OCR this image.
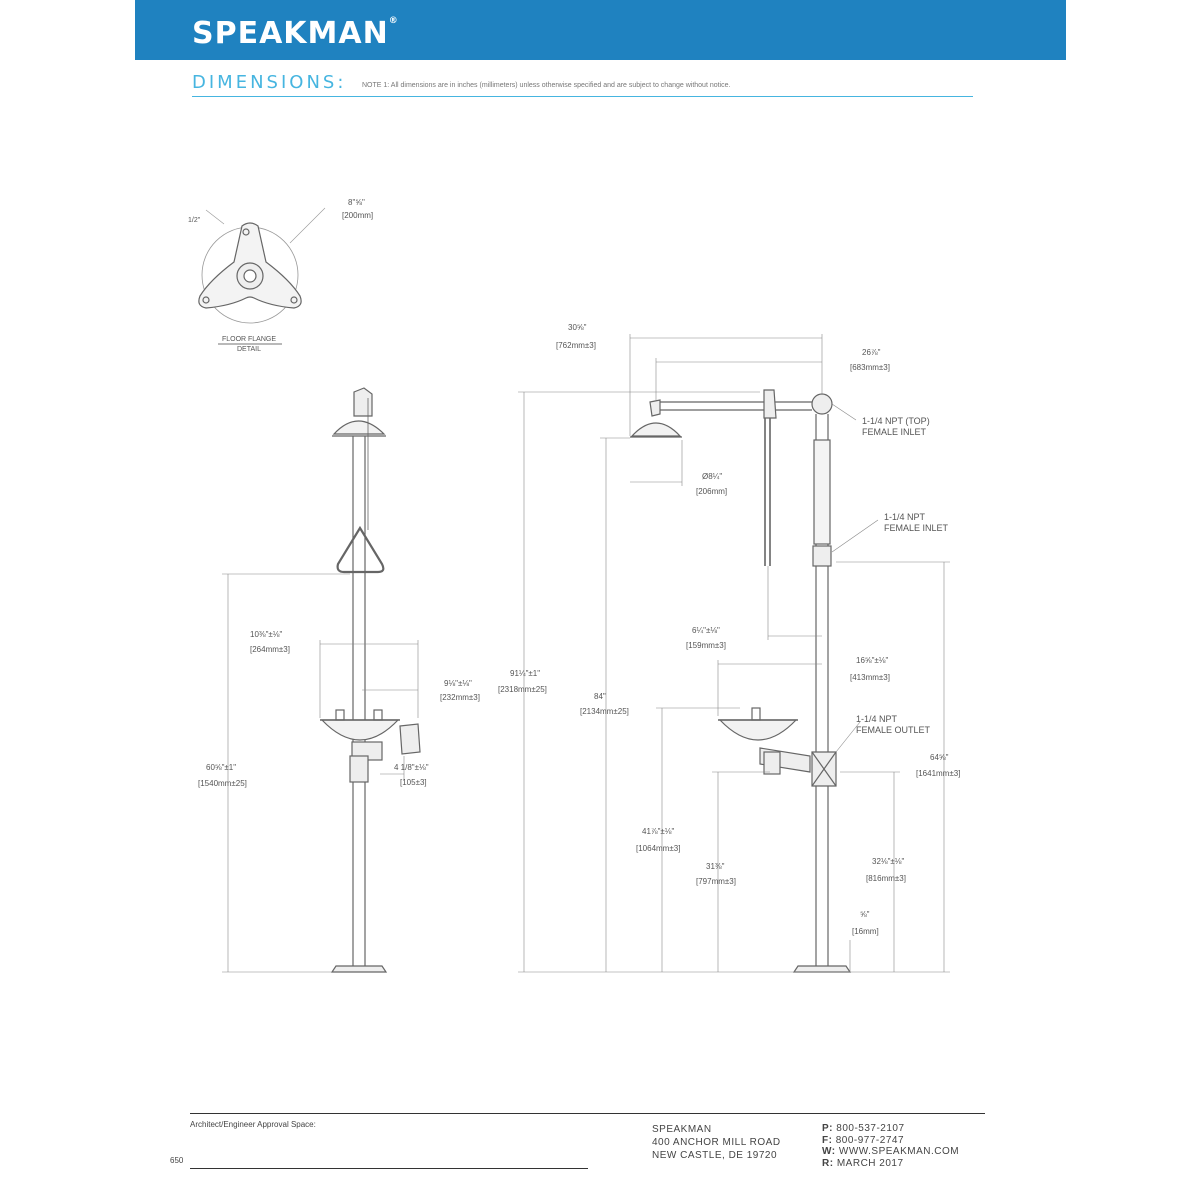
SPEAKMAN®
DIMENSIONS: NOTE 1: All dimensions are in inches (millimeters) unless otherwise specified and are subject to change without notice.
FLOOR FLANGE
DETAIL
8"⅝"
[200mm]
1/2"
10⅜"±⅛"
[264mm±3]
9⅛"±⅛"
[232mm±3]
4 1/8"±⅛"
[105±3]
60⅝"±1"
[1540mm±25]
30⅝"
[762mm±3]
26⅞"
[683mm±3]
Ø8¼"
[206mm]
6¼"±⅛"
[159mm±3]
16⅝"±⅛"
[413mm±3]
91¼"±1"
[2318mm±25]
84"
[2134mm±25]
41⅞"±⅛"
[1064mm±3]
31⅜"
[797mm±3]
32⅛"±⅛"
[816mm±3]
⅝"
[16mm]
64⅝"
[1641mm±3]
1-1/4 NPT (TOP)
FEMALE INLET
1-1/4 NPT
FEMALE INLET
1-1/4 NPT
FEMALE OUTLET
Architect/Engineer Approval Space:
650
SPEAKMAN
400 ANCHOR MILL ROAD
NEW CASTLE, DE 19720
P: 800-537-2107
F: 800-977-2747
W: WWW.SPEAKMAN.COM
R: MARCH 2017
